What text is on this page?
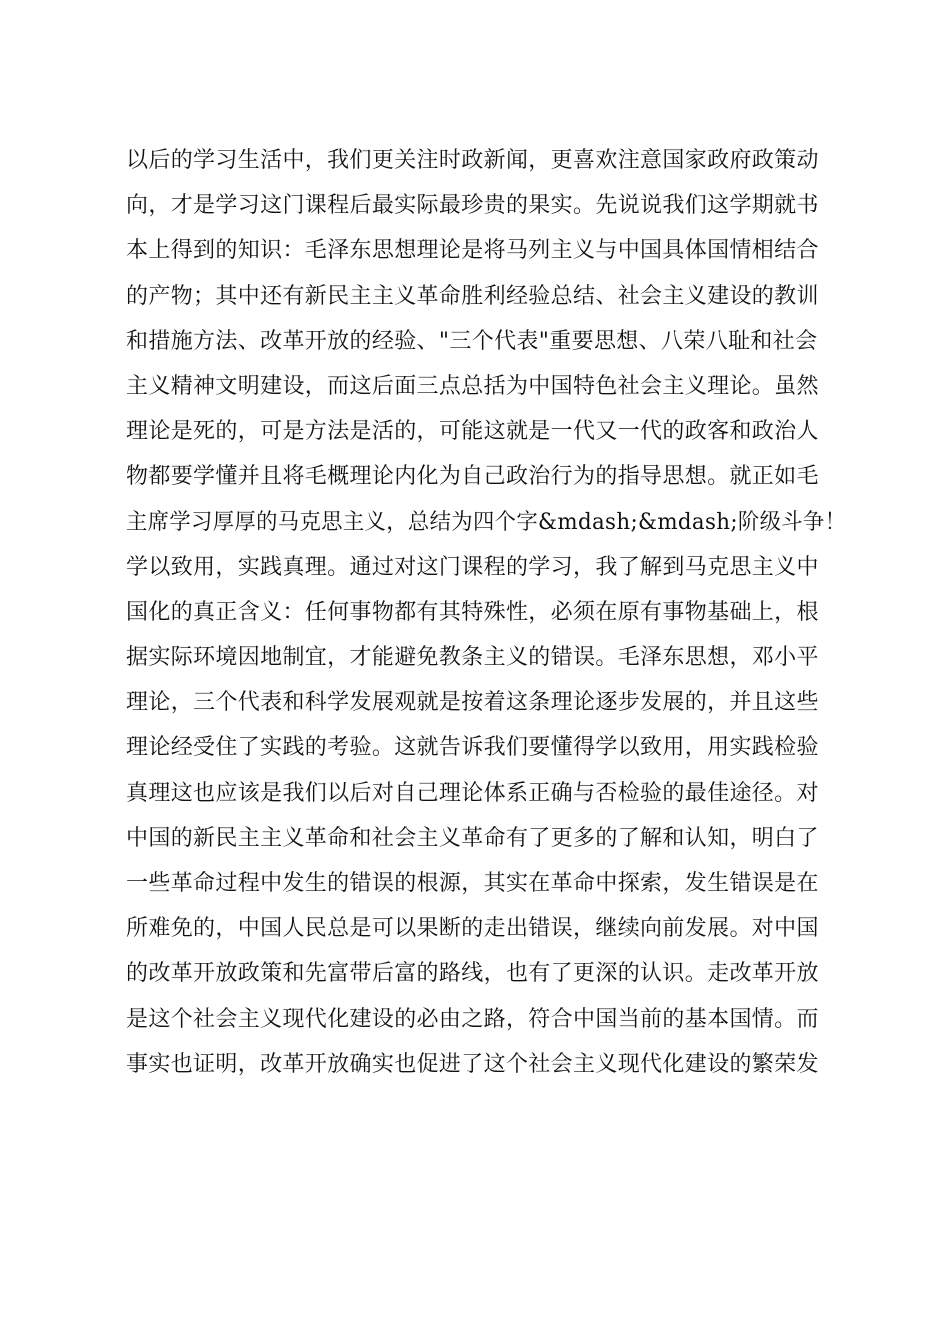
以后的学习生活中，我们更关注时政新闻，更喜欢注意国家政府政策动
向，才是学习这门课程后最实际最珍贵的果实。先说说我们这学期就书
本上得到的知识：毛泽东思想理论是将马列主义与中国具体国情相结合
的产物；其中还有新民主主义革命胜利经验总结、社会主义建设的教训
和措施方法、改革开放的经验、"三个代表"重要思想、八荣八耻和社会
主义精神文明建设，而这后面三点总括为中国特色社会主义理论。虽然
理论是死的，可是方法是活的，可能这就是一代又一代的政客和政治人
物都要学懂并且将毛概理论内化为自己政治行为的指导思想。就正如毛
主席学习厚厚的马克思主义，总结为四个字&mdash;&mdash;阶级斗争！
学以致用，实践真理。通过对这门课程的学习，我了解到马克思主义中
国化的真正含义：任何事物都有其特殊性，必须在原有事物基础上，根
据实际环境因地制宜，才能避免教条主义的错误。毛泽东思想，邓小平
理论，三个代表和科学发展观就是按着这条理论逐步发展的，并且这些
理论经受住了实践的考验。这就告诉我们要懂得学以致用，用实践检验
真理这也应该是我们以后对自己理论体系正确与否检验的最佳途径。对
中国的新民主主义革命和社会主义革命有了更多的了解和认知，明白了
一些革命过程中发生的错误的根源，其实在革命中探索，发生错误是在
所难免的，中国人民总是可以果断的走出错误，继续向前发展。对中国
的改革开放政策和先富带后富的路线，也有了更深的认识。走改革开放
是这个社会主义现代化建设的必由之路，符合中国当前的基本国情。而
事实也证明，改革开放确实也促进了这个社会主义现代化建设的繁荣发
